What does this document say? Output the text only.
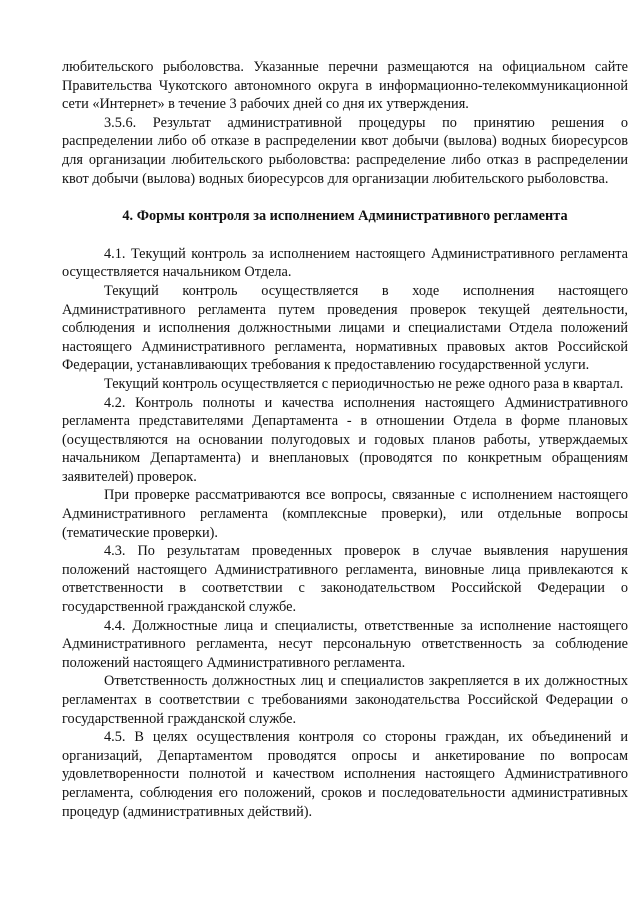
любительского рыболовства. Указанные перечни размещаются на официальном сайте Правительства Чукотского автономного округа в информационно-телекоммуникационной сети «Интернет» в течение 3 рабочих дней со дня их утверждения.

3.5.6. Результат административной процедуры по принятию решения о распределении либо об отказе в распределении квот добычи (вылова) водных биоресурсов для организации любительского рыболовства: распределение либо отказ в распределении квот добычи (вылова) водных биоресурсов для организации любительского рыболовства.

4. Формы контроля за исполнением Административного регламента

4.1. Текущий контроль за исполнением настоящего Административного регламента осуществляется начальником Отдела.

Текущий контроль осуществляется в ходе исполнения настоящего Административного регламента путем проведения проверок текущей деятельности, соблюдения и исполнения должностными лицами и специалистами Отдела положений настоящего Административного регламента, нормативных правовых актов Российской Федерации, устанавливающих требования к предоставлению государственной услуги.

Текущий контроль осуществляется с периодичностью не реже одного раза в квартал.

4.2. Контроль полноты и качества исполнения настоящего Административного регламента представителями Департамента - в отношении Отдела в форме плановых (осуществляются на основании полугодовых и годовых планов работы, утверждаемых начальником Департамента) и внеплановых (проводятся по конкретным обращениям заявителей) проверок.

При проверке рассматриваются все вопросы, связанные с исполнением настоящего Административного регламента (комплексные проверки), или отдельные вопросы (тематические проверки).

4.3. По результатам проведенных проверок в случае выявления нарушения положений настоящего Административного регламента, виновные лица привлекаются к ответственности в соответствии с законодательством Российской Федерации о государственной гражданской службе.

4.4. Должностные лица и специалисты, ответственные за исполнение настоящего Административного регламента, несут персональную ответственность за соблюдение положений настоящего Административного регламента.

Ответственность должностных лиц и специалистов закрепляется в их должностных регламентах в соответствии с требованиями законодательства Российской Федерации о государственной гражданской службе.

4.5. В целях осуществления контроля со стороны граждан, их объединений и организаций, Департаментом проводятся опросы и анкетирование по вопросам удовлетворенности полнотой и качеством исполнения настоящего Административного регламента, соблюдения его положений, сроков и последовательности административных процедур (административных действий).
